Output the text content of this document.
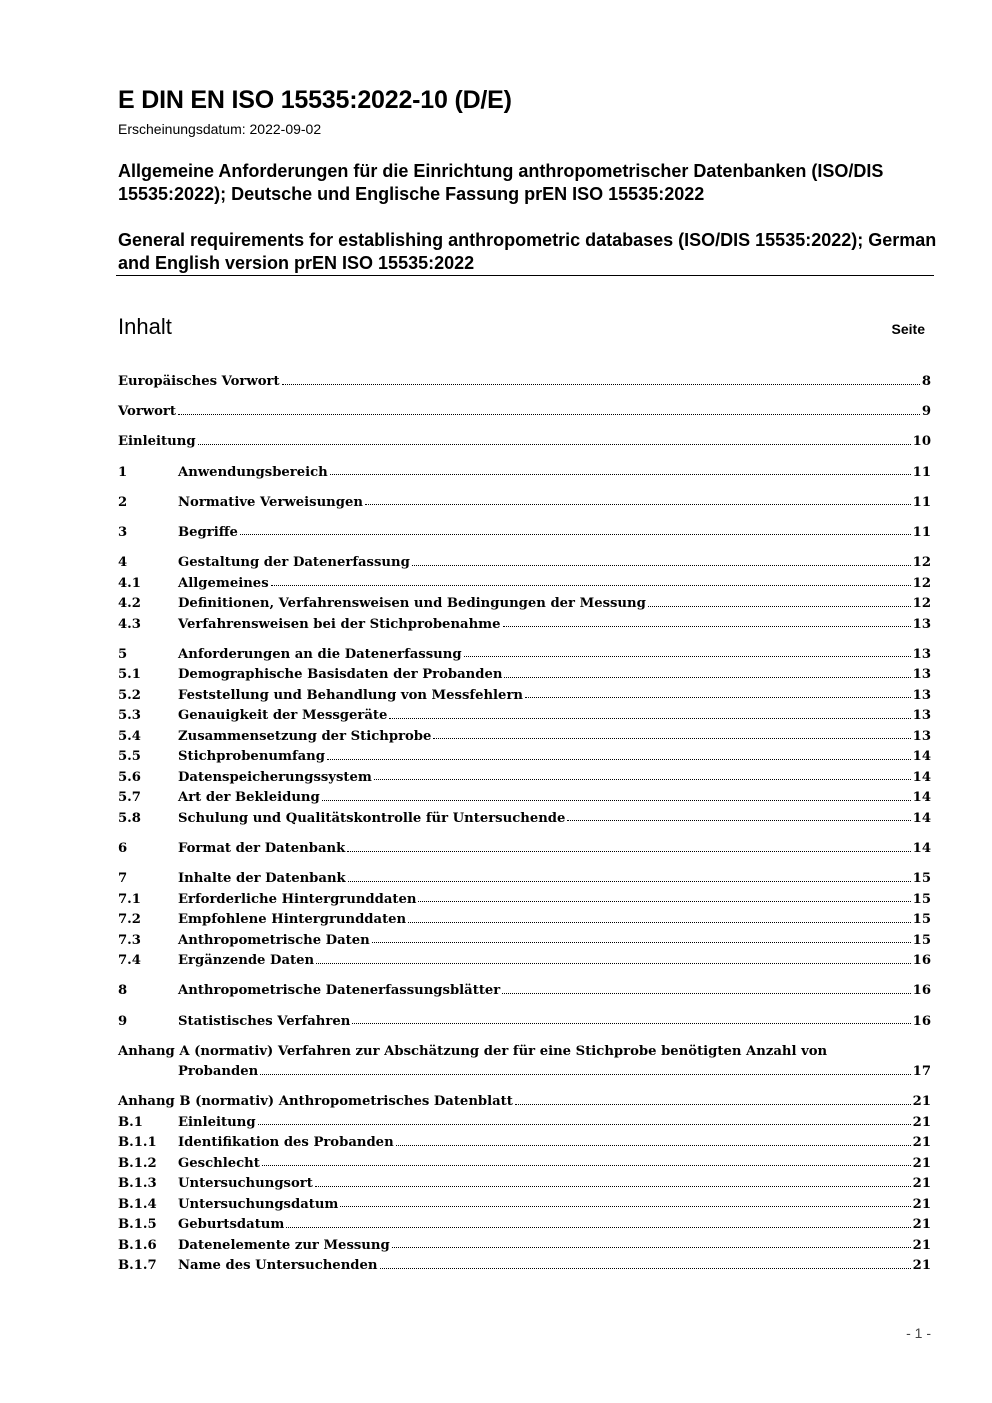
E DIN EN ISO 15535:2022-10 (D/E)
Erscheinungsdatum: 2022-09-02
Allgemeine Anforderungen für die Einrichtung anthropometrischer Datenbanken (ISO/DIS 15535:2022); Deutsche und Englische Fassung prEN ISO 15535:2022
General requirements for establishing anthropometric databases (ISO/DIS 15535:2022); German and English version prEN ISO 15535:2022
Inhalt	Seite
Europäisches Vorwort	8
Vorwort	9
Einleitung	10
1	Anwendungsbereich	11
2	Normative Verweisungen	11
3	Begriffe	11
4	Gestaltung der Datenerfassung	12
4.1	Allgemeines	12
4.2	Definitionen, Verfahrensweisen und Bedingungen der Messung	12
4.3	Verfahrensweisen bei der Stichprobenahme	13
5	Anforderungen an die Datenerfassung	13
5.1	Demographische Basisdaten der Probanden	13
5.2	Feststellung und Behandlung von Messfehlern	13
5.3	Genauigkeit der Messgeräte	13
5.4	Zusammensetzung der Stichprobe	13
5.5	Stichprobenumfang	14
5.6	Datenspeicherungssystem	14
5.7	Art der Bekleidung	14
5.8	Schulung und Qualitätskontrolle für Untersuchende	14
6	Format der Datenbank	14
7	Inhalte der Datenbank	15
7.1	Erforderliche Hintergrunddaten	15
7.2	Empfohlene Hintergrunddaten	15
7.3	Anthropometrische Daten	15
7.4	Ergänzende Daten	16
8	Anthropometrische Datenerfassungsblätter	16
9	Statistisches Verfahren	16
Anhang A (normativ) Verfahren zur Abschätzung der für eine Stichprobe benötigten Anzahl von
Probanden	17
Anhang B (normativ) Anthropometrisches Datenblatt	21
B.1	Einleitung	21
B.1.1	Identifikation des Probanden	21
B.1.2	Geschlecht	21
B.1.3	Untersuchungsort	21
B.1.4	Untersuchungsdatum	21
B.1.5	Geburtsdatum	21
B.1.6	Datenelemente zur Messung	21
B.1.7	Name des Untersuchenden	21
- 1 -
